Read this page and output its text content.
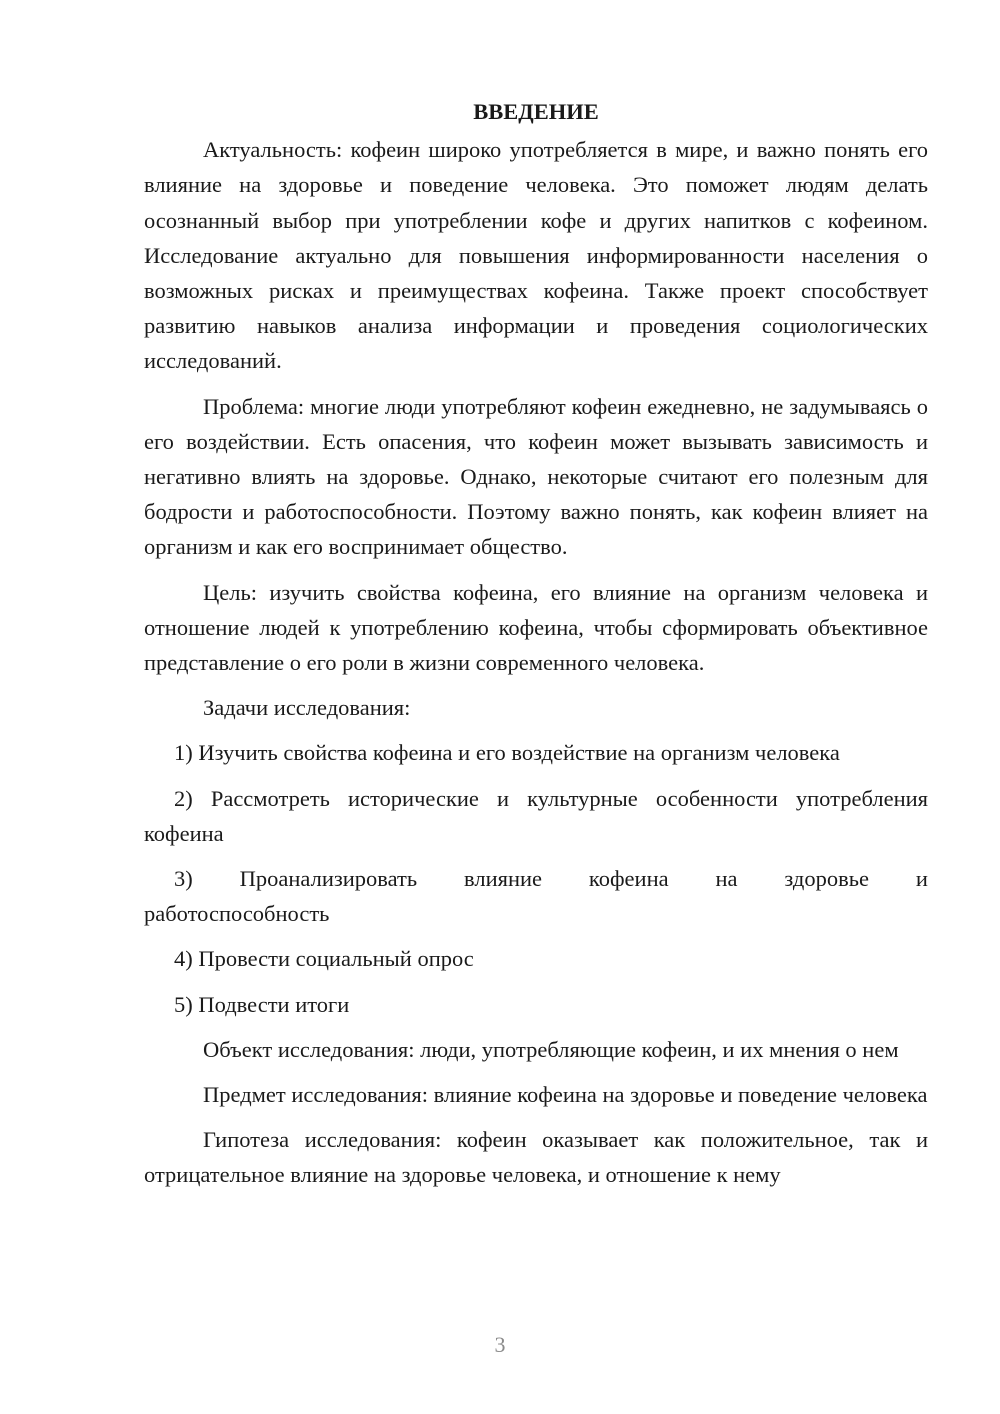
ВВЕДЕНИЕ

Актуальность: кофеин широко употребляется в мире, и важно понять его влияние на здоровье и поведение человека. Это поможет людям делать осознанный выбор при употреблении кофе и других напитков с кофеином. Исследование актуально для повышения информированности населения о возможных рисках и преимуществах кофеина. Также проект способствует развитию навыков анализа информации и проведения социологических исследований.

Проблема: многие люди употребляют кофеин ежедневно, не задумываясь о его воздействии. Есть опасения, что кофеин может вызывать зависимость и негативно влиять на здоровье. Однако, некоторые считают его полезным для бодрости и работоспособности. Поэтому важно понять, как кофеин влияет на организм и как его воспринимает общество.

Цель: изучить свойства кофеина, его влияние на организм человека и отношение людей к употреблению кофеина, чтобы сформировать объективное представление о его роли в жизни современного человека.

Задачи исследования:

1) Изучить свойства кофеина и его воздействие на организм человека

2) Рассмотреть исторические и культурные особенности употребления кофеина

3) Проанализировать влияние кофеина на здоровье и
работоспособность

4) Провести социальный опрос

5) Подвести итоги

Объект исследования: люди, употребляющие кофеин, и их мнения о нем

Предмет исследования: влияние кофеина на здоровье и поведение человека

Гипотеза исследования: кофеин оказывает как положительное, так и отрицательное влияние на здоровье человека, и отношение к нему

3
